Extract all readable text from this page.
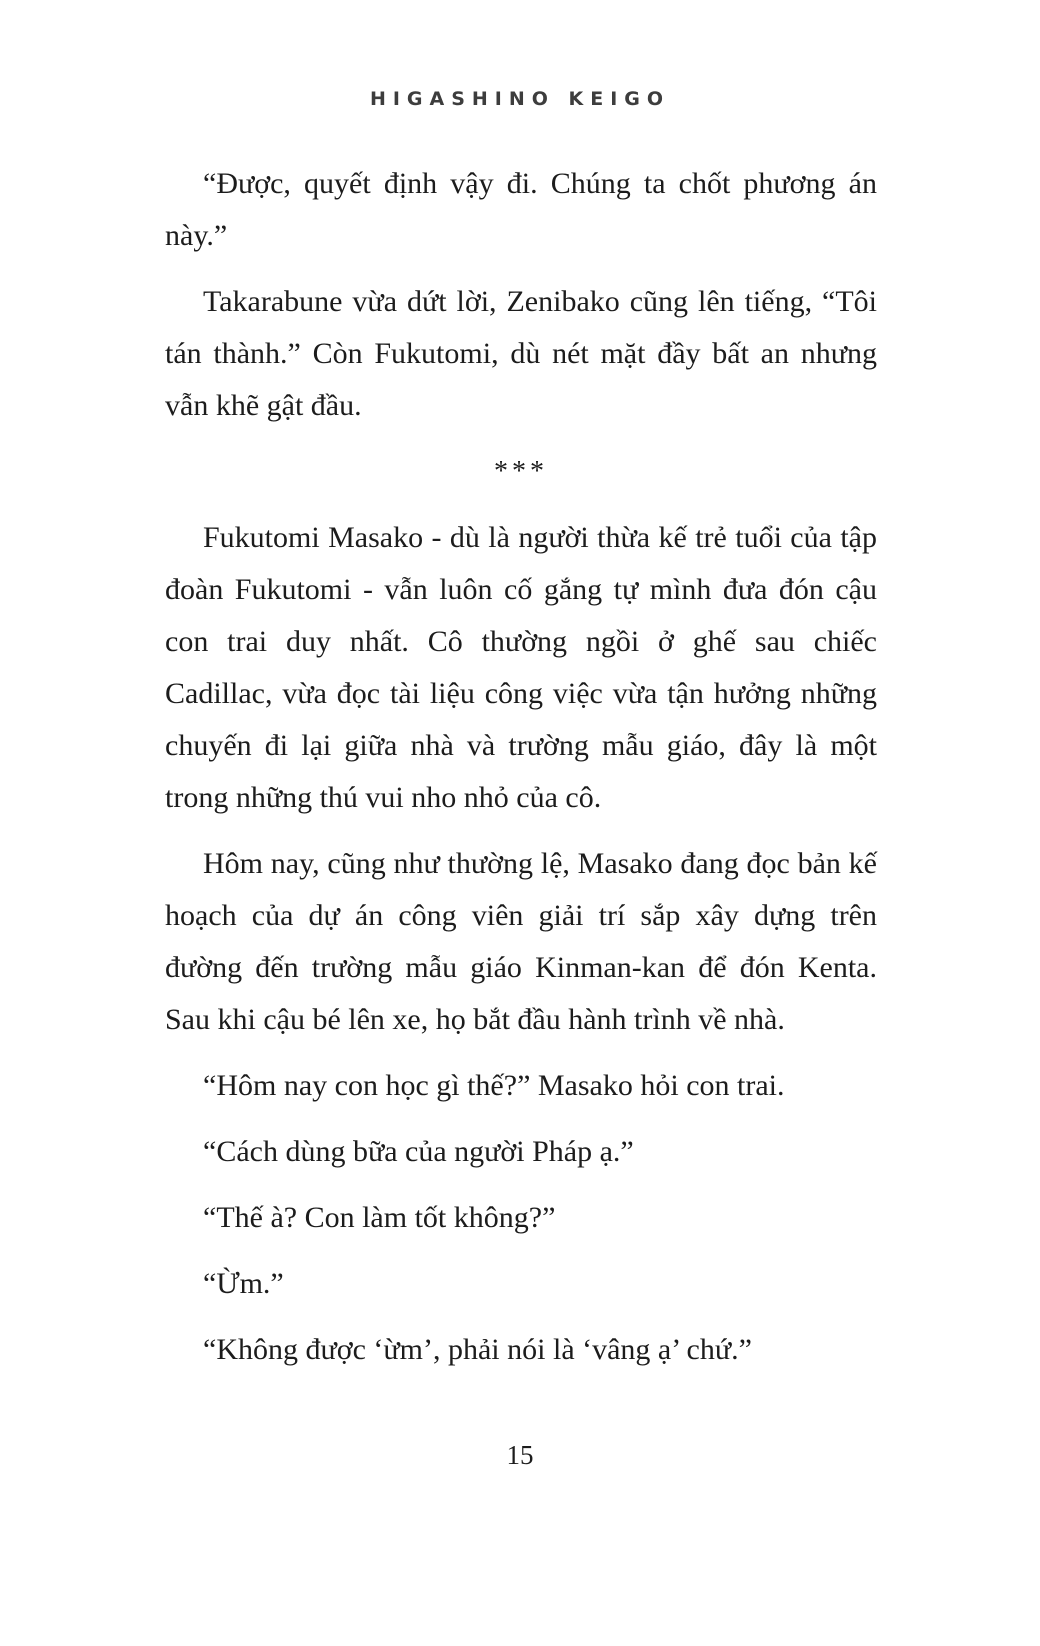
HIGASHINO KEIGO

“Được, quyết định vậy đi. Chúng ta chốt phương án này.”

Takarabune vừa dứt lời, Zenibako cũng lên tiếng, “Tôi tán thành.” Còn Fukutomi, dù nét mặt đầy bất an nhưng vẫn khẽ gật đầu.

***

Fukutomi Masako - dù là người thừa kế trẻ tuổi của tập đoàn Fukutomi - vẫn luôn cố gắng tự mình đưa đón cậu con trai duy nhất. Cô thường ngồi ở ghế sau chiếc Cadillac, vừa đọc tài liệu công việc vừa tận hưởng những chuyến đi lại giữa nhà và trường mẫu giáo, đây là một trong những thú vui nho nhỏ của cô.

Hôm nay, cũng như thường lệ, Masako đang đọc bản kế hoạch của dự án công viên giải trí sắp xây dựng trên đường đến trường mẫu giáo Kinman-kan để đón Kenta. Sau khi cậu bé lên xe, họ bắt đầu hành trình về nhà.

“Hôm nay con học gì thế?” Masako hỏi con trai.

“Cách dùng bữa của người Pháp ạ.”

“Thế à? Con làm tốt không?”

“Ừm.”

“Không được ‘ừm’, phải nói là ‘vâng ạ’ chứ.”

15
